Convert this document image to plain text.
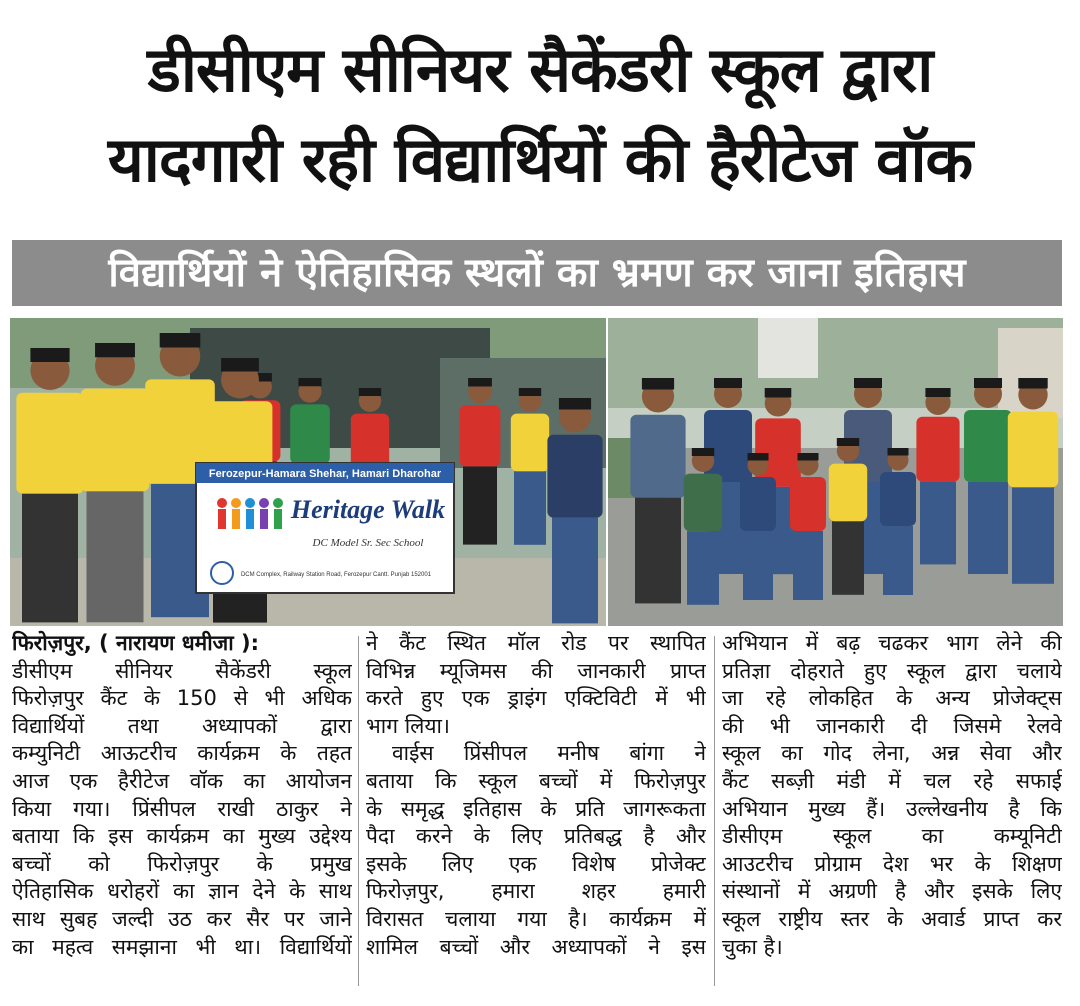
डीसीएम सीनियर सैकेंडरी स्कूल द्वारा
यादगारी रही विद्यार्थियों की हैरीटेज वॉक
विद्यार्थियों ने ऐतिहासिक स्थलों का भ्रमण कर जाना इतिहास
Ferozepur-Hamara Shehar, Hamari Dharohar
Heritage Walk
DC Model Sr. Sec School
DCM Complex, Railway Station Road, Ferozepur Cantt. Punjab 152001
फिरोज़पुर, ( नारायण धमीजा ):
डीसीएम सीनियर सैकेंडरी स्कूल
फिरोज़पुर कैंट के 150 से भी अधिक
विद्यार्थियों तथा अध्यापकों द्वारा
कम्युनिटी आऊटरीच कार्यक्रम के तहत
आज एक हैरीटेज वॉक का आयोजन
किया गया। प्रिंसीपल राखी ठाकुर ने
बताया कि इस कार्यक्रम का मुख्य उद्देश्य
बच्चों को फिरोज़पुर के प्रमुख
ऐतिहासिक धरोहरों का ज्ञान देने के साथ
साथ सुबह जल्दी उठ कर सैर पर जाने
का महत्व समझाना भी था। विद्यार्थियों
ने कैंट स्थित मॉल रोड पर स्थापित
विभिन्न म्यूजिमस की जानकारी प्राप्त
करते हुए एक ड्राइंग एक्टिविटी में भी
भाग लिया।
वाईस प्रिंसीपल मनीष बांगा ने
बताया कि स्कूल बच्चों में फिरोज़पुर
के समृद्ध इतिहास के प्रति जागरूकता
पैदा करने के लिए प्रतिबद्ध है और
इसके लिए एक विशेष प्रोजेक्ट
फिरोज़पुर, हमारा शहर हमारी
विरासत चलाया गया है। कार्यक्रम में
शामिल बच्चों और अध्यापकों ने इस
अभियान में बढ़ चढकर भाग लेने की
प्रतिज्ञा दोहराते हुए स्कूल द्वारा चलाये
जा रहे लोकहित के अन्य प्रोजेक्ट्स
की भी जानकारी दी जिसमे रेलवे
स्कूल का गोद लेना, अन्न सेवा और
कैंट सब्ज़ी मंडी में चल रहे सफाई
अभियान मुख्य हैं। उल्लेखनीय है कि
डीसीएम स्कूल का कम्यूनिटी
आउटरीच प्रोग्राम देश भर के शिक्षण
संस्थानों में अग्रणी है और इसके लिए
स्कूल राष्ट्रीय स्तर के अवार्ड प्राप्त कर
चुका है।
